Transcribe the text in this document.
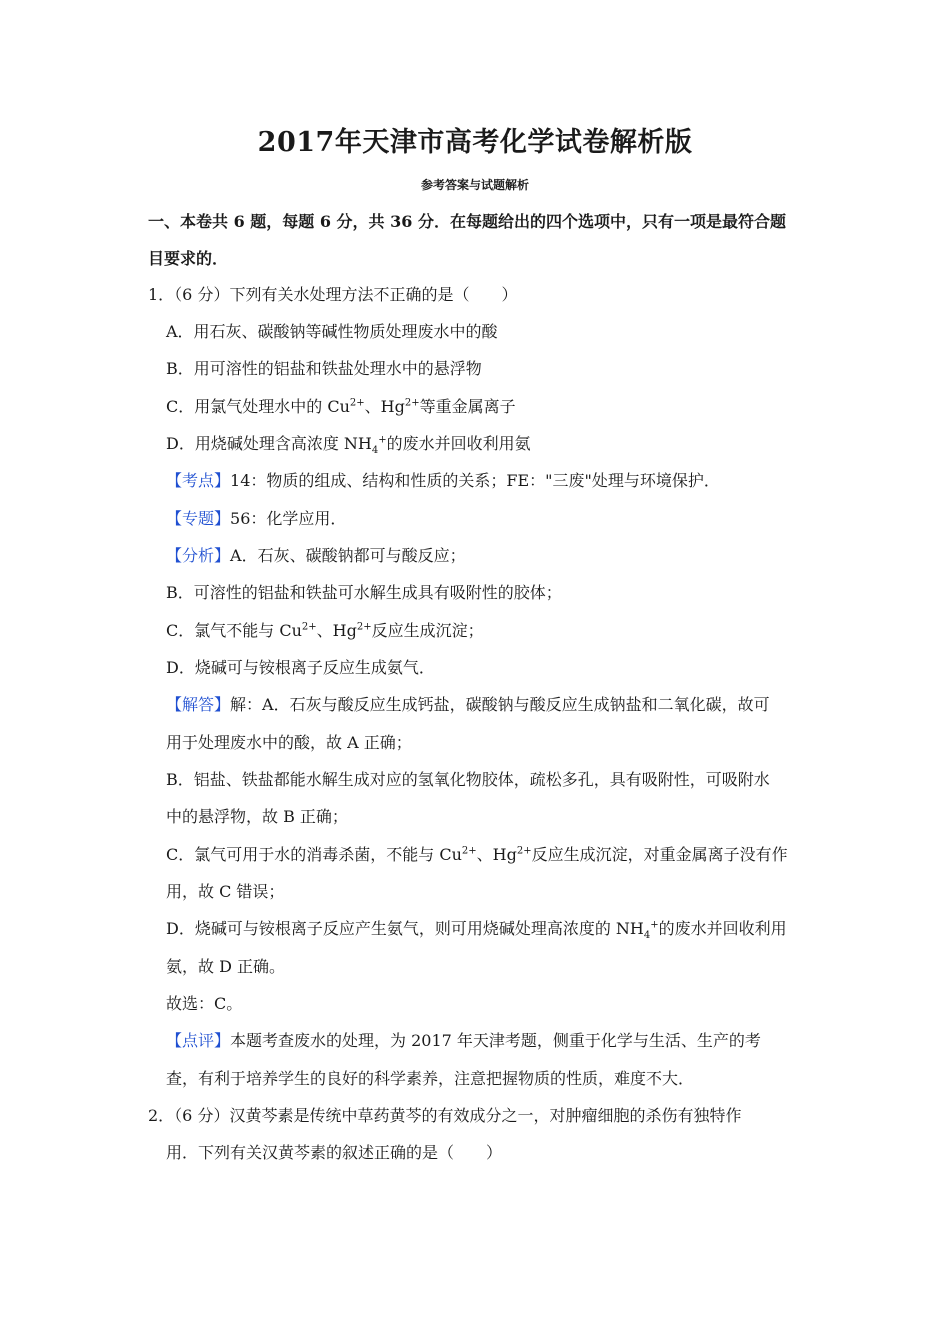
2017年天津市高考化学试卷解析版
参考答案与试题解析
一、本卷共 6 题，每题 6 分，共 36 分．在每题给出的四个选项中，只有一项是最符合题
目要求的．
1．（6 分）下列有关水处理方法不正确的是（　　）
A．用石灰、碳酸钠等碱性物质处理废水中的酸
B．用可溶性的铝盐和铁盐处理水中的悬浮物
C．用氯气处理水中的 $Cu^{2+}$、$Hg^{2+}$等重金属离子
D．用烧碱处理含高浓度 $NH_4^+$的废水并回收利用氨
【考点】14：物质的组成、结构和性质的关系；FE："三废"处理与环境保护．
【专题】56：化学应用．
【分析】A．石灰、碳酸钠都可与酸反应；
B．可溶性的铝盐和铁盐可水解生成具有吸附性的胶体；
C．氯气不能与 $Cu^{2+}$、$Hg^{2+}$反应生成沉淀；
D．烧碱可与铵根离子反应生成氨气．
【解答】解：A．石灰与酸反应生成钙盐，碳酸钠与酸反应生成钠盐和二氧化碳，故可
用于处理废水中的酸，故 A 正确；
B．铝盐、铁盐都能水解生成对应的氢氧化物胶体，疏松多孔，具有吸附性，可吸附水
中的悬浮物，故 B 正确；
C．氯气可用于水的消毒杀菌，不能与 $Cu^{2+}$、$Hg^{2+}$反应生成沉淀，对重金属离子没有作
用，故 C 错误；
D．烧碱可与铵根离子反应产生氨气，则可用烧碱处理高浓度的 $NH_4^+$的废水并回收利用
氨，故 D 正确。
故选：C。
【点评】本题考查废水的处理，为 2017 年天津考题，侧重于化学与生活、生产的考
查，有利于培养学生的良好的科学素养，注意把握物质的性质，难度不大．
2．（6 分）汉黄芩素是传统中草药黄芩的有效成分之一，对肿瘤细胞的杀伤有独特作
用．下列有关汉黄芩素的叙述正确的是（　　）
